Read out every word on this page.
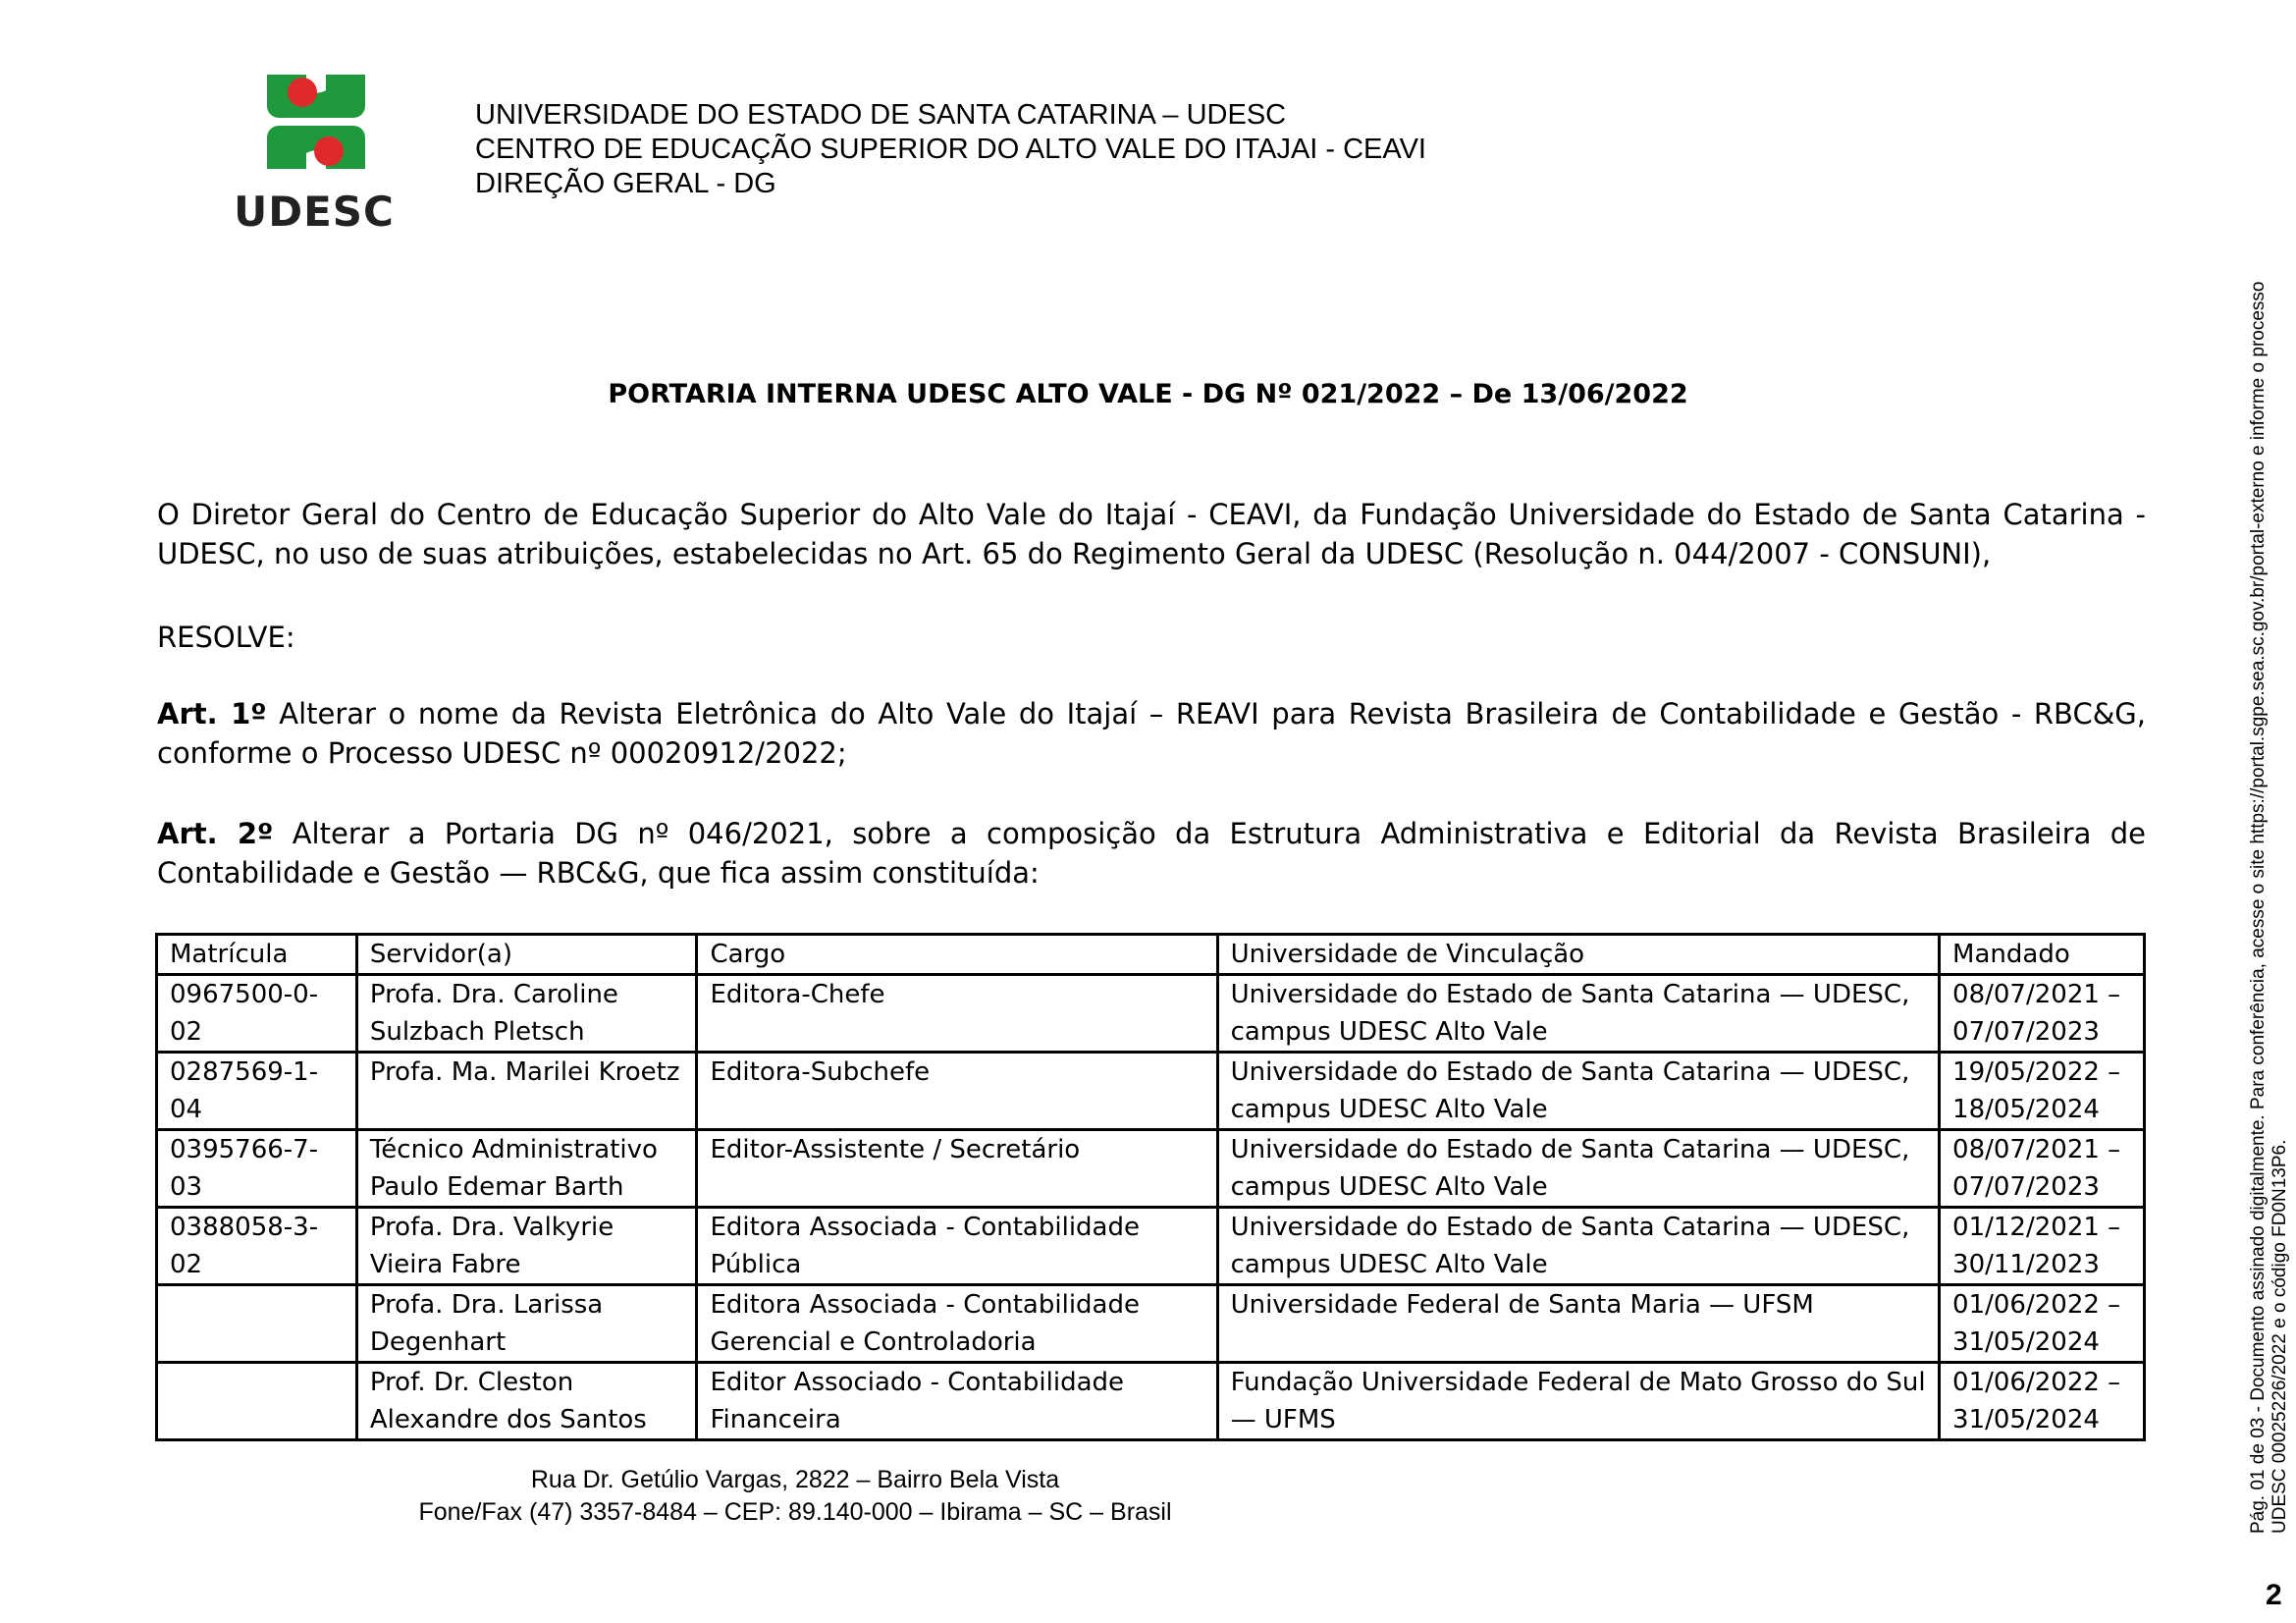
UDESC
UNIVERSIDADE DO ESTADO DE SANTA CATARINA – UDESC
CENTRO DE EDUCAÇÃO SUPERIOR DO ALTO VALE DO ITAJAI - CEAVI
DIREÇÃO GERAL - DG
PORTARIA INTERNA UDESC ALTO VALE - DG Nº 021/2022 – De 13/06/2022
O Diretor Geral do Centro de Educação Superior do Alto Vale do Itajaí - CEAVI, da Fundação Universidade do Estado de Santa Catarina - UDESC, no uso de suas atribuições, estabelecidas no Art. 65 do Regimento Geral da UDESC (Resolução n. 044/2007 - CONSUNI),
RESOLVE:
Art. 1º Alterar o nome da Revista Eletrônica do Alto Vale do Itajaí – REAVI para Revista Brasileira de Contabilidade e Gestão - RBC&G, conforme o Processo UDESC nº 00020912/2022;
Art. 2º Alterar a Portaria DG nº 046/2021, sobre a composição da Estrutura Administrativa e Editorial da Revista Brasileira de Contabilidade e Gestão — RBC&G, que fica assim constituída:
Matrícula	Servidor(a)	Cargo	Universidade de Vinculação	Mandado
0967500-0-02	Profa. Dra. Caroline Sulzbach Pletsch	Editora-Chefe	Universidade do Estado de Santa Catarina — UDESC, campus UDESC Alto Vale	08/07/2021 – 07/07/2023
0287569-1-04	Profa. Ma. Marilei Kroetz	Editora-Subchefe	Universidade do Estado de Santa Catarina — UDESC, campus UDESC Alto Vale	19/05/2022 – 18/05/2024
0395766-7-03	Técnico Administrativo Paulo Edemar Barth	Editor-Assistente / Secretário	Universidade do Estado de Santa Catarina — UDESC, campus UDESC Alto Vale	08/07/2021 – 07/07/2023
0388058-3-02	Profa. Dra. Valkyrie Vieira Fabre	Editora Associada - Contabilidade Pública	Universidade do Estado de Santa Catarina — UDESC, campus UDESC Alto Vale	01/12/2021 – 30/11/2023
	Profa. Dra. Larissa Degenhart	Editora Associada - Contabilidade Gerencial e Controladoria	Universidade Federal de Santa Maria — UFSM	01/06/2022 – 31/05/2024
	Prof. Dr. Cleston Alexandre dos Santos	Editor Associado - Contabilidade Financeira	Fundação Universidade Federal de Mato Grosso do Sul — UFMS	01/06/2022 – 31/05/2024
Rua Dr. Getúlio Vargas, 2822 – Bairro Bela Vista
Fone/Fax (47) 3357-8484 – CEP: 89.140-000 – Ibirama – SC – Brasil	Pág. 01 de 03 - Documento assinado digitalmente. Para conferência, acesse o site https://portal.sgpe.sea.sc.gov.br/portal-externo e informe o processo UDESC 00025226/2022 e o código FD0N13P6.
2
